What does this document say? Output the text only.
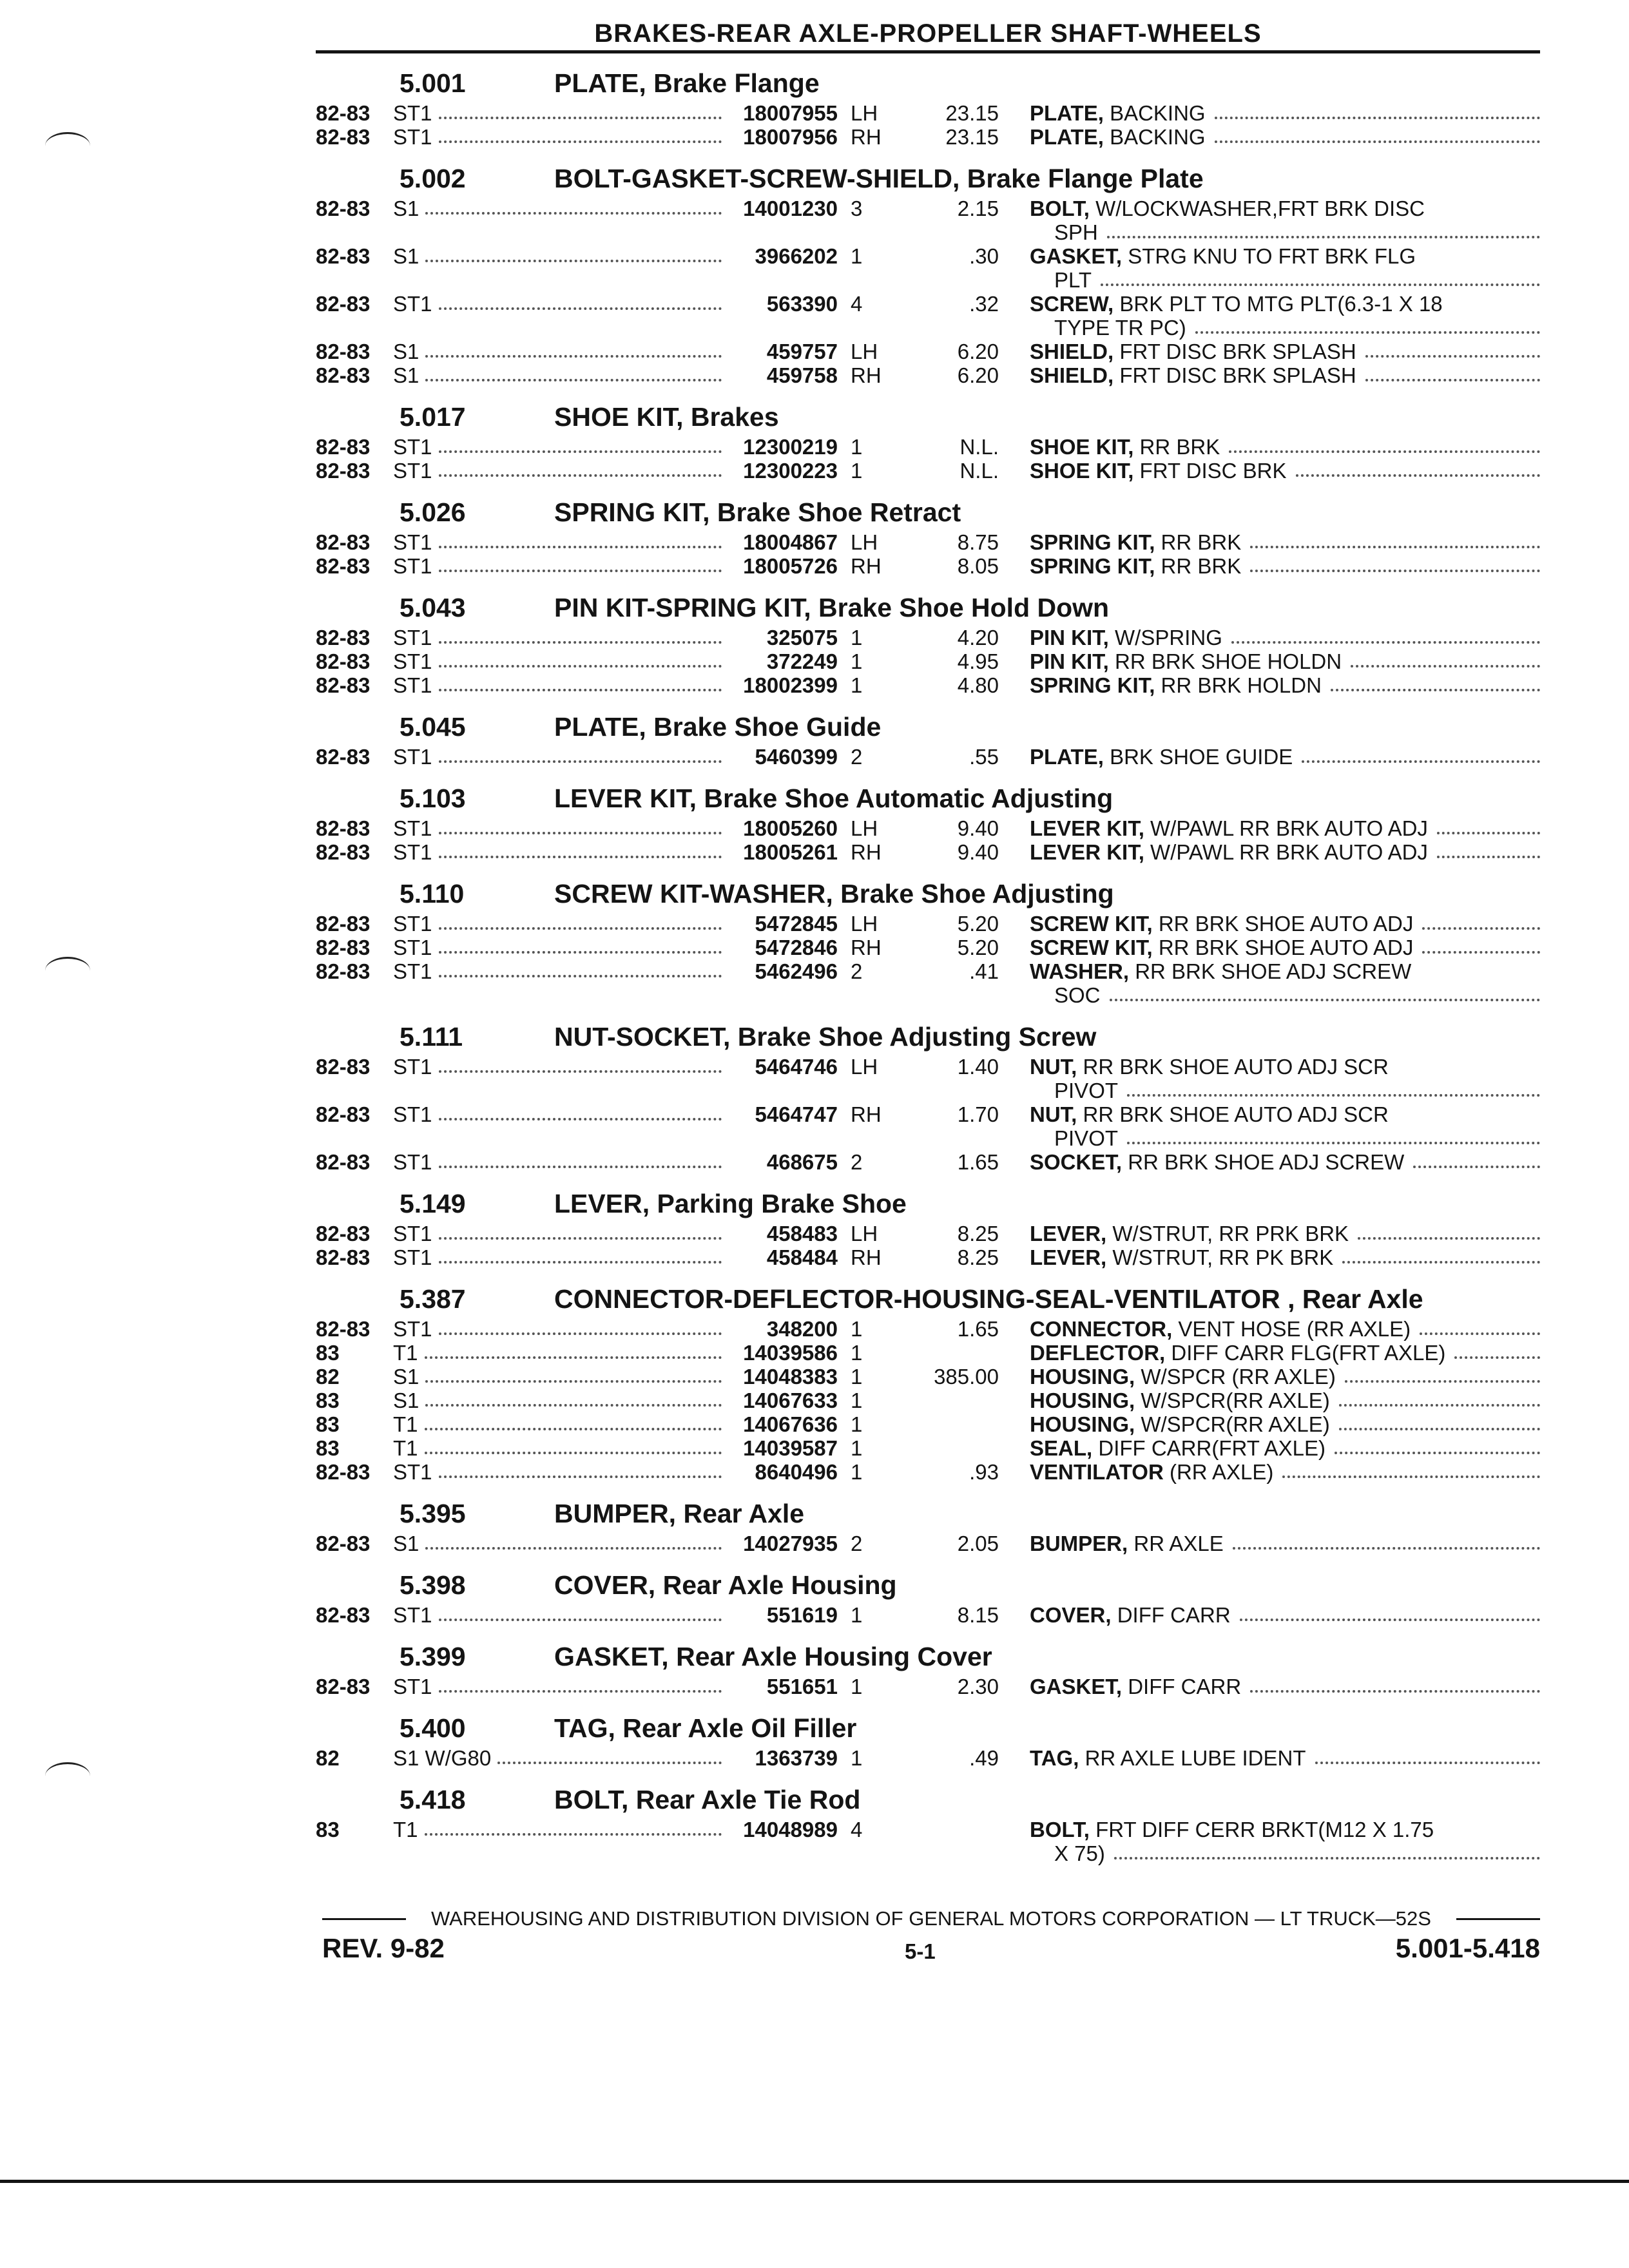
BRAKES-REAR AXLE-PROPELLER SHAFT-WHEELS
5.001	PLATE, Brake Flange
82-83	ST1	18007955 LH	23.15 PLATE, BACKING
82-83	ST1	18007956 RH	23.15 PLATE, BACKING
5.002	BOLT-GASKET-SCREW-SHIELD, Brake Flange Plate
82-83	S1	14001230 3	2.15 BOLT, W/LOCKWASHER,FRT BRK DISC
SPH
82-83	S1	3966202 1	.30 GASKET, STRG KNU TO FRT BRK FLG
PLT
82-83	ST1	563390 4	.32 SCREW, BRK PLT TO MTG PLT(6.3-1 X 18
TYPE TR PC)
82-83	S1	459757 LH	6.20 SHIELD, FRT DISC BRK SPLASH
82-83	S1	459758 RH	6.20 SHIELD, FRT DISC BRK SPLASH
5.017	SHOE KIT, Brakes
82-83	ST1	12300219 1	N.L. SHOE KIT, RR BRK
82-83	ST1	12300223 1	N.L. SHOE KIT, FRT DISC BRK
5.026	SPRING KIT, Brake Shoe Retract
82-83	ST1	18004867 LH	8.75 SPRING KIT, RR BRK
82-83	ST1	18005726 RH	8.05 SPRING KIT, RR BRK
5.043	PIN KIT-SPRING KIT, Brake Shoe Hold Down
82-83	ST1	325075 1	4.20 PIN KIT, W/SPRING
82-83	ST1	372249 1	4.95 PIN KIT, RR BRK SHOE HOLDN
82-83	ST1	18002399 1	4.80 SPRING KIT, RR BRK HOLDN
5.045	PLATE, Brake Shoe Guide
82-83	ST1	5460399 2	.55 PLATE, BRK SHOE GUIDE
5.103	LEVER KIT, Brake Shoe Automatic Adjusting
82-83	ST1	18005260 LH	9.40 LEVER KIT, W/PAWL RR BRK AUTO ADJ
82-83	ST1	18005261 RH	9.40 LEVER KIT, W/PAWL RR BRK AUTO ADJ
5.110	SCREW KIT-WASHER, Brake Shoe Adjusting
82-83	ST1	5472845 LH	5.20 SCREW KIT, RR BRK SHOE AUTO ADJ
82-83	ST1	5472846 RH	5.20 SCREW KIT, RR BRK SHOE AUTO ADJ
82-83	ST1	5462496 2	.41 WASHER, RR BRK SHOE ADJ SCREW
SOC
5.111	NUT-SOCKET, Brake Shoe Adjusting Screw
82-83	ST1	5464746 LH	1.40 NUT, RR BRK SHOE AUTO ADJ SCR
PIVOT
82-83	ST1	5464747 RH	1.70 NUT, RR BRK SHOE AUTO ADJ SCR
PIVOT
82-83	ST1	468675 2	1.65 SOCKET, RR BRK SHOE ADJ SCREW
5.149	LEVER, Parking Brake Shoe
82-83	ST1	458483 LH	8.25 LEVER, W/STRUT, RR PRK BRK
82-83	ST1	458484 RH	8.25 LEVER, W/STRUT, RR PK BRK
5.387	CONNECTOR-DEFLECTOR-HOUSING-SEAL-VENTILATOR , Rear Axle
82-83	ST1	348200 1	1.65 CONNECTOR, VENT HOSE (RR AXLE)
83	T1	14039586 1	DEFLECTOR, DIFF CARR FLG(FRT AXLE)
82	S1	14048383 1	385.00 HOUSING, W/SPCR (RR AXLE)
83	S1	14067633 1	HOUSING, W/SPCR(RR AXLE)
83	T1	14067636 1	HOUSING, W/SPCR(RR AXLE)
83	T1	14039587 1	SEAL, DIFF CARR(FRT AXLE)
82-83	ST1	8640496 1	.93 VENTILATOR (RR AXLE)
5.395	BUMPER, Rear Axle
82-83	S1	14027935 2	2.05 BUMPER, RR AXLE
5.398	COVER, Rear Axle Housing
82-83	ST1	551619 1	8.15 COVER, DIFF CARR
5.399	GASKET, Rear Axle Housing Cover
82-83	ST1	551651 1	2.30 GASKET, DIFF CARR
5.400	TAG, Rear Axle Oil Filler
82	S1 W/G80	1363739 1	.49 TAG, RR AXLE LUBE IDENT
5.418	BOLT, Rear Axle Tie Rod
83	T1	14048989 4	BOLT, FRT DIFF CERR BRKT(M12 X 1.75
X 75)
WAREHOUSING AND DISTRIBUTION DIVISION OF GENERAL MOTORS CORPORATION — LT TRUCK—52S
REV. 9-82	5-1	5.001-5.418
